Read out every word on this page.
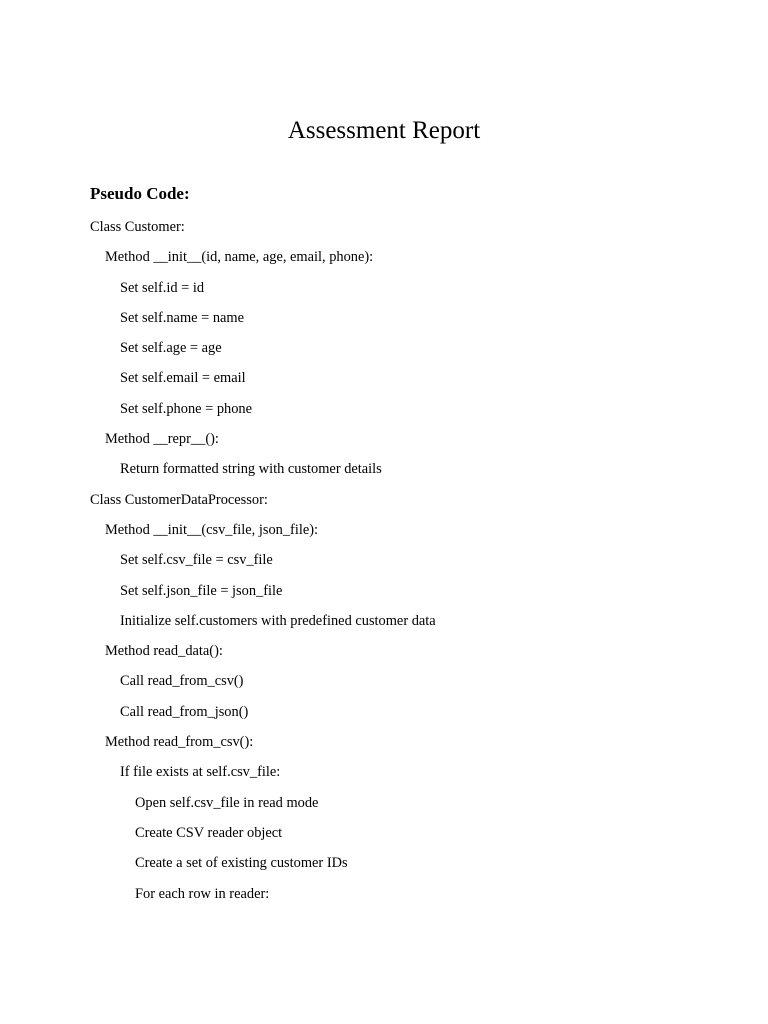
Assessment Report
Pseudo Code:
Class Customer:
Method __init__(id, name, age, email, phone):
Set self.id = id
Set self.name = name
Set self.age = age
Set self.email = email
Set self.phone = phone
Method __repr__():
Return formatted string with customer details
Class CustomerDataProcessor:
Method __init__(csv_file, json_file):
Set self.csv_file = csv_file
Set self.json_file = json_file
Initialize self.customers with predefined customer data
Method read_data():
Call read_from_csv()
Call read_from_json()
Method read_from_csv():
If file exists at self.csv_file:
Open self.csv_file in read mode
Create CSV reader object
Create a set of existing customer IDs
For each row in reader:
